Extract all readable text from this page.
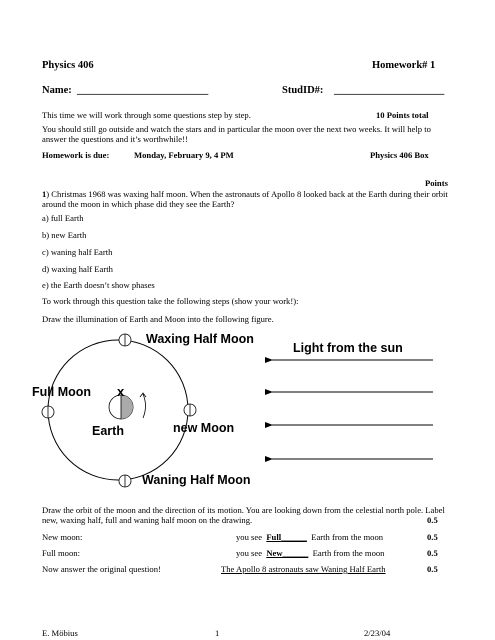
Physics 406	Homework# 1
Name: _________________________	StudID#: _____________________
This time we will work through some questions step by step.	10 Points total
You should still go outside and watch the stars and in particular the moon over the next two weeks. It will help to answer the questions and it’s worthwhile!!
Homework is due:	Monday, February 9, 4 PM	Physics 406 Box
Points
1) Christmas 1968 was waxing half moon. When the astronauts of Apollo 8 looked back at the Earth during their orbit around the moon in which phase did they see the Earth?
a) full Earth
b) new Earth
c) waning half Earth
d) waxing half Earth
e) the Earth doesn’t show phases
To work through this question take the following steps (show your work!):
Draw the illumination of Earth and Moon into the following figure.
Waxing Half Moon
Light from the sun
Full Moon x
Earth	new Moon
Waning Half Moon
Draw the orbit of the moon and the direction of its motion. You are looking down from the celestial north pole. Label new, waxing half, full and waning half moon on the drawing.	0.5
New moon:	you see Full______ Earth from the moon	0.5
Full moon:	you see New______ Earth from the moon	0.5
Now answer the original question!	The Apollo 8 astronauts saw Waning Half Earth	0.5
E. Möbius	1	2/23/04
